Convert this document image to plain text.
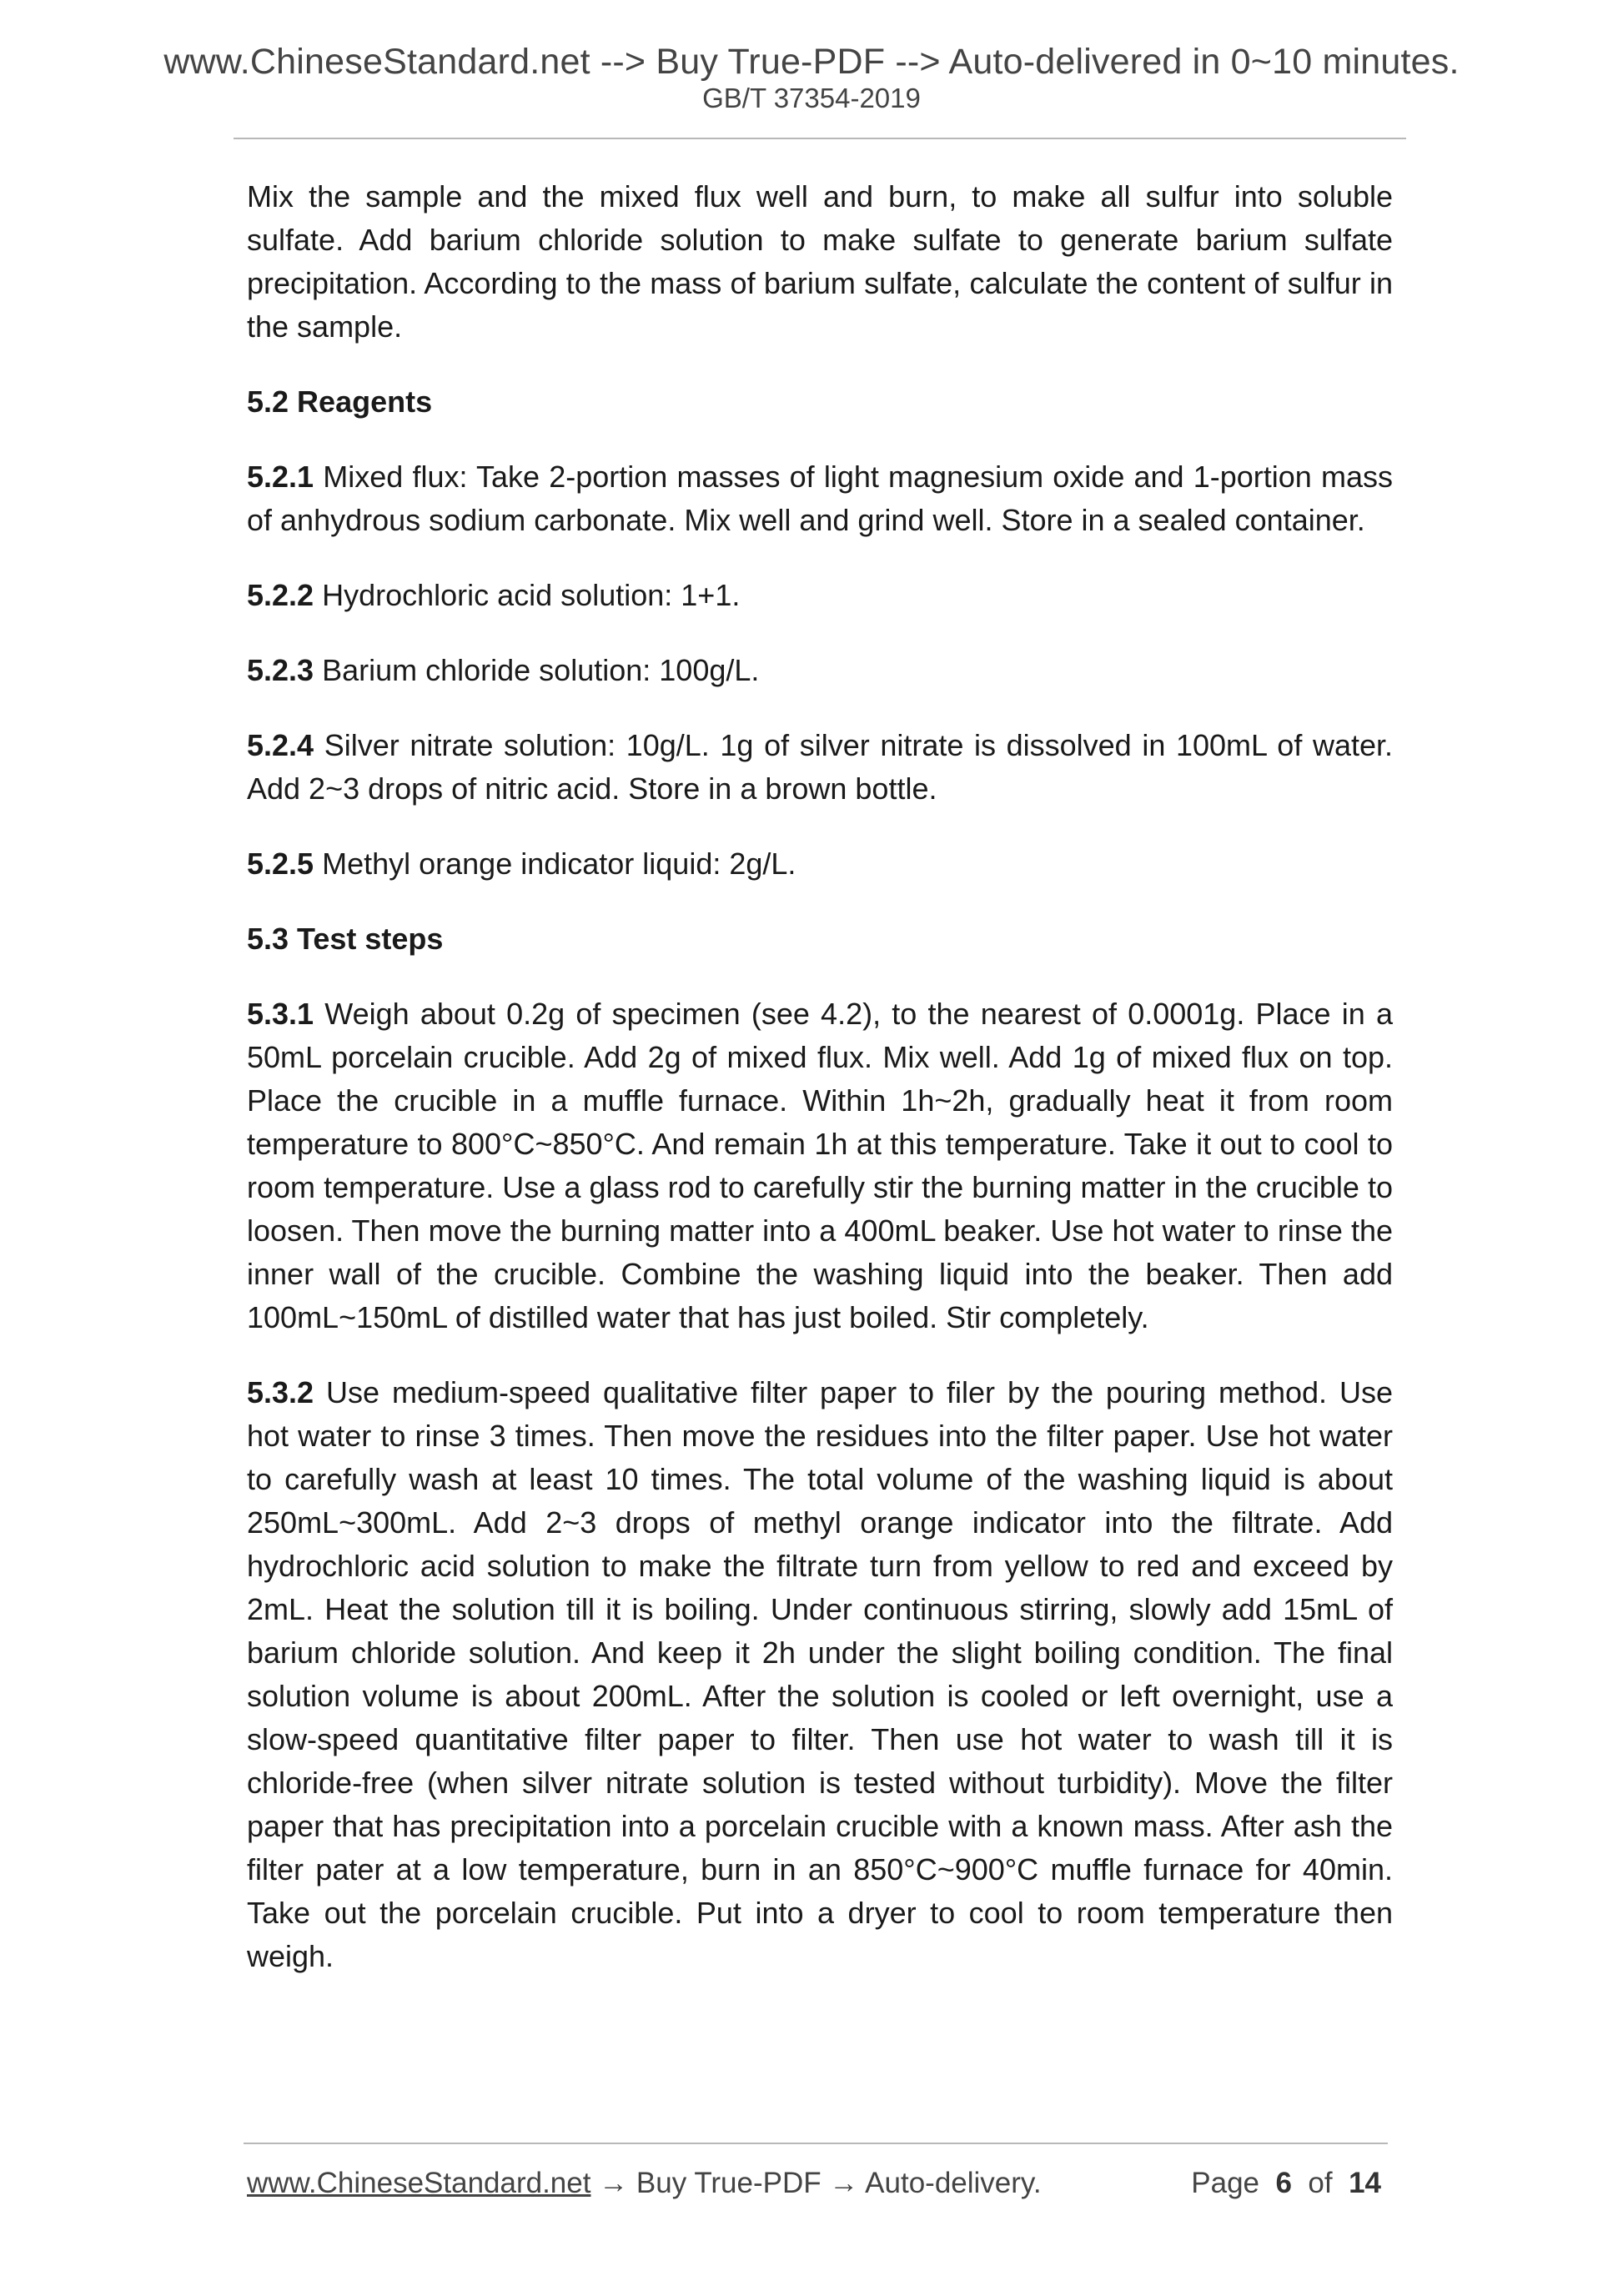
www.ChineseStandard.net --> Buy True-PDF --> Auto-delivered in 0~10 minutes.
GB/T 37354-2019

Mix the sample and the mixed flux well and burn, to make all sulfur into soluble sulfate. Add barium chloride solution to make sulfate to generate barium sulfate precipitation. According to the mass of barium sulfate, calculate the content of sulfur in the sample.

5.2 Reagents

5.2.1 Mixed flux: Take 2-portion masses of light magnesium oxide and 1-portion mass of anhydrous sodium carbonate. Mix well and grind well. Store in a sealed container.

5.2.2 Hydrochloric acid solution: 1+1.

5.2.3 Barium chloride solution: 100g/L.

5.2.4 Silver nitrate solution: 10g/L. 1g of silver nitrate is dissolved in 100mL of water. Add 2~3 drops of nitric acid. Store in a brown bottle.

5.2.5 Methyl orange indicator liquid: 2g/L.

5.3 Test steps

5.3.1 Weigh about 0.2g of specimen (see 4.2), to the nearest of 0.0001g. Place in a 50mL porcelain crucible. Add 2g of mixed flux. Mix well. Add 1g of mixed flux on top. Place the crucible in a muffle furnace. Within 1h~2h, gradually heat it from room temperature to 800°C~850°C. And remain 1h at this temperature. Take it out to cool to room temperature. Use a glass rod to carefully stir the burning matter in the crucible to loosen. Then move the burning matter into a 400mL beaker. Use hot water to rinse the inner wall of the crucible. Combine the washing liquid into the beaker. Then add 100mL~150mL of distilled water that has just boiled. Stir completely.

5.3.2 Use medium-speed qualitative filter paper to filer by the pouring method. Use hot water to rinse 3 times. Then move the residues into the filter paper. Use hot water to carefully wash at least 10 times. The total volume of the washing liquid is about 250mL~300mL. Add 2~3 drops of methyl orange indicator into the filtrate. Add hydrochloric acid solution to make the filtrate turn from yellow to red and exceed by 2mL. Heat the solution till it is boiling. Under continuous stirring, slowly add 15mL of barium chloride solution. And keep it 2h under the slight boiling condition. The final solution volume is about 200mL. After the solution is cooled or left overnight, use a slow-speed quantitative filter paper to filter. Then use hot water to wash till it is chloride-free (when silver nitrate solution is tested without turbidity). Move the filter paper that has precipitation into a porcelain crucible with a known mass. After ash the filter pater at a low temperature, burn in an 850°C~900°C muffle furnace for 40min. Take out the porcelain crucible. Put into a dryer to cool to room temperature then weigh.

www.ChineseStandard.net → Buy True-PDF → Auto-delivery.	Page 6 of 14
